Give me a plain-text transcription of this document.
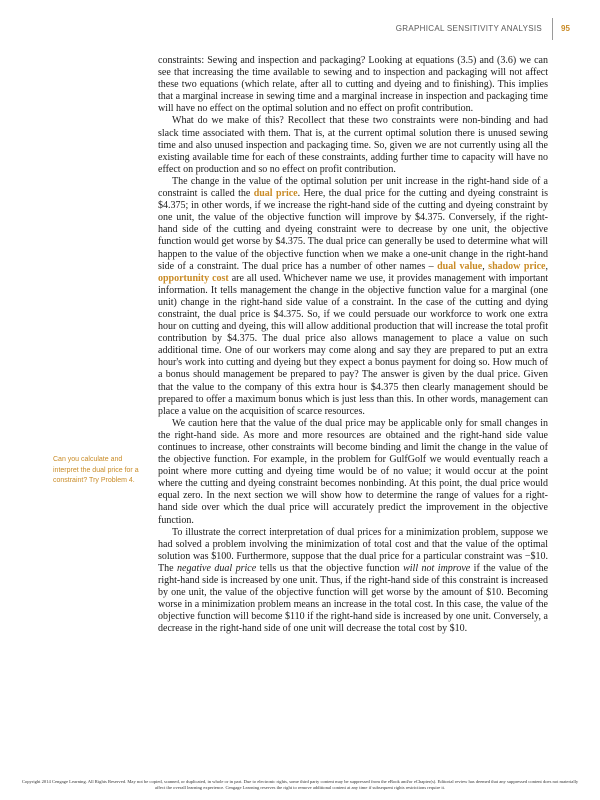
GRAPHICAL SENSITIVITY ANALYSIS 95
Can you calculate and interpret the dual price for a constraint? Try Problem 4.

constraints: Sewing and inspection and packaging? Looking at equations (3.5) and (3.6) we can see that increasing the time available to sewing and to inspection and packaging will not affect these two equations (which relate, after all to cutting and dyeing and to finishing). This implies that a marginal increase in sewing time and a marginal increase in inspection and packaging time will have no effect on the optimal solution and no effect on profit contribution.

What do we make of this? Recollect that these two constraints were non-binding and had slack time associated with them. That is, at the current optimal solution there is unused sewing time and also unused inspection and packaging time. So, given we are not currently using all the existing available time for each of these constraints, adding further time to capacity will have no effect on production and so no effect on profit contribution.

The change in the value of the optimal solution per unit increase in the right-hand side of a constraint is called the dual price. Here, the dual price for the cutting and dyeing constraint is $4.375; in other words, if we increase the right-hand side of the cutting and dyeing constraint by one unit, the value of the objective function will improve by $4.375. Conversely, if the right-hand side of the cutting and dyeing constraint were to decrease by one unit, the objective function would get worse by $4.375. The dual price can generally be used to determine what will happen to the value of the objective function when we make a one-unit change in the right-hand side of a constraint. The dual price has a number of other names – dual value, shadow price, opportunity cost are all used. Whichever name we use, it provides management with important information. It tells management the change in the objective function value for a marginal (one unit) change in the right-hand side value of a constraint. In the case of the cutting and dying constraint, the dual price is $4.375. So, if we could persuade our workforce to work one extra hour on cutting and dyeing, this will allow additional production that will increase the total profit contribution by $4.375. The dual price also allows management to place a value on such additional time. One of our workers may come along and say they are prepared to put an extra hour's work into cutting and dyeing but they expect a bonus payment for doing so. How much of a bonus should management be prepared to pay? The answer is given by the dual price. Given that the value to the company of this extra hour is $4.375 then clearly management should be prepared to offer a maximum bonus which is just less than this. In other words, management can place a value on the acquisition of scarce resources.

We caution here that the value of the dual price may be applicable only for small changes in the right-hand side. As more and more resources are obtained and the right-hand side value continues to increase, other constraints will become binding and limit the change in the value of the objective function. For example, in the problem for GulfGolf we would eventually reach a point where more cutting and dyeing time would be of no value; it would occur at the point where the cutting and dyeing constraint becomes nonbinding. At this point, the dual price would equal zero. In the next section we will show how to determine the range of values for a right-hand side over which the dual price will accurately predict the improvement in the objective function.

To illustrate the correct interpretation of dual prices for a minimization problem, suppose we had solved a problem involving the minimization of total cost and that the value of the optimal solution was $100. Furthermore, suppose that the dual price for a particular constraint was −$10. The negative dual price tells us that the objective function will not improve if the value of the right-hand side is increased by one unit. Thus, if the right-hand side of this constraint is increased by one unit, the value of the objective function will get worse by the amount of $10. Becoming worse in a minimization problem means an increase in the total cost. In this case, the value of the objective function will become $110 if the right-hand side is increased by one unit. Conversely, a decrease in the right-hand side of one unit will decrease the total cost by $10.

Copyright 2014 Cengage Learning. All Rights Reserved. May not be copied, scanned, or duplicated, in whole or in part. Due to electronic rights, some third party content may be suppressed from the eBook and/or eChapter(s). Editorial review has deemed that any suppressed content does not materially affect the overall learning experience. Cengage Learning reserves the right to remove additional content at any time if subsequent rights restrictions require it.
